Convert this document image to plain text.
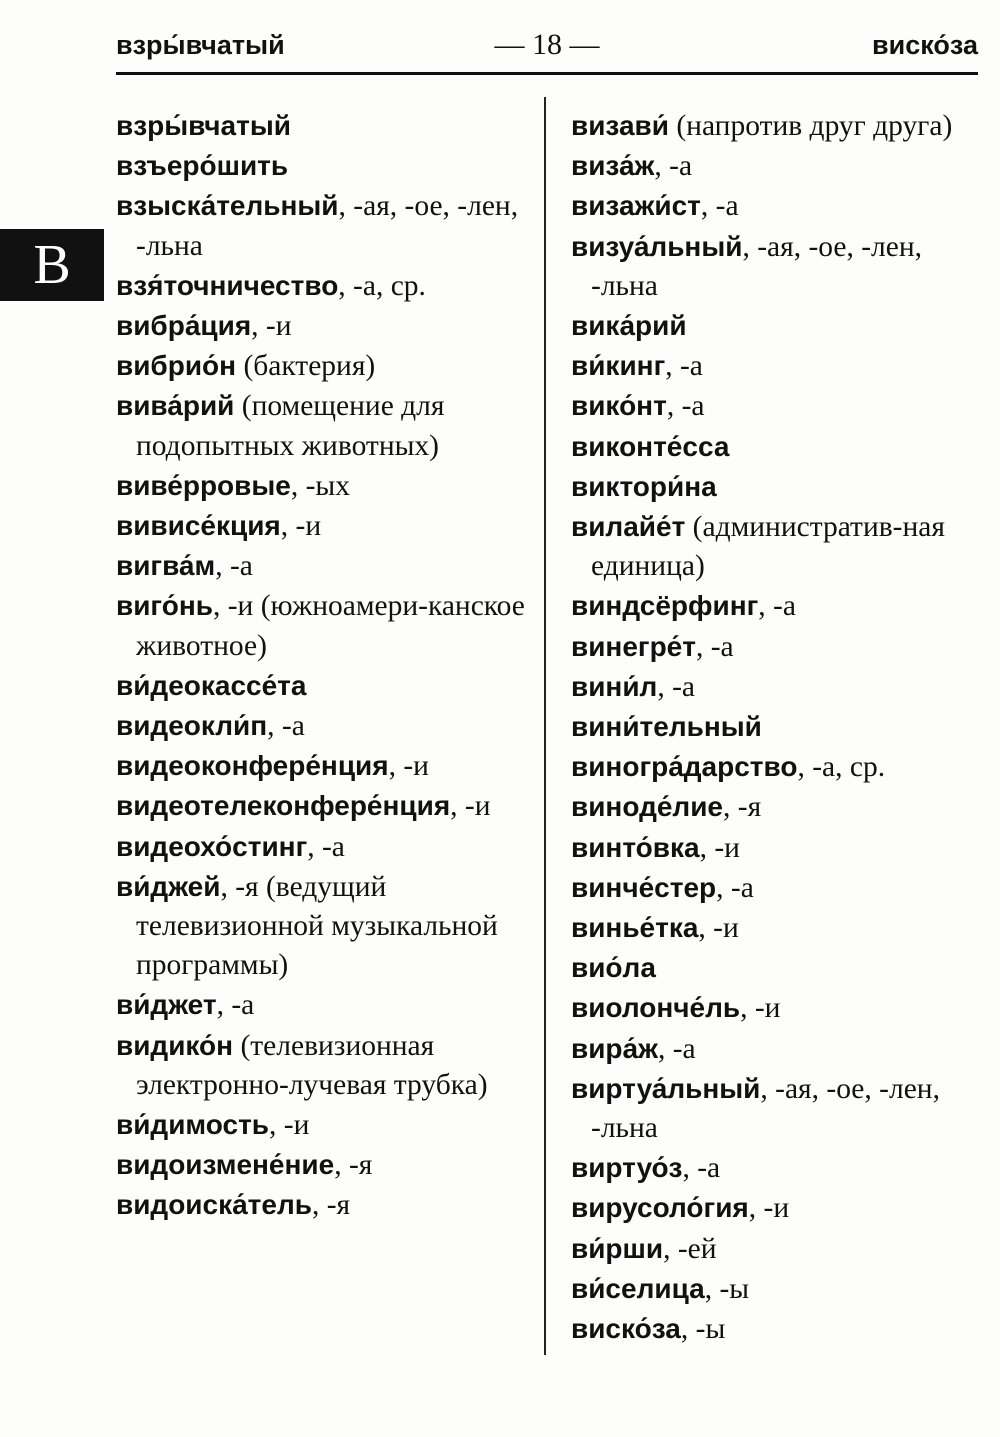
взры́вчатый	— 18 —	виско́за
В
взры́вчатый
взъеро́шить
взыска́тельный, -ая, -ое, -лен, -льна
взя́точничество, -а, ср.
вибра́ция, -и
вибрио́н (бактерия)
вива́рий (помещение для подопытных животных)
виве́рровые, -ых
вивисе́кция, -и
вигва́м, -а
виго́нь, -и (южноамери-канское животное)
ви́деокассе́та
видеокли́п, -а
видеоконфере́нция, -и
видеотелеконфере́нция, -и
видеохо́стинг, -а
ви́джей, -я (ведущий телевизионной музыкальной программы)
ви́джет, -а
видико́н (телевизионная электронно-лучевая трубка)
ви́димость, -и
видоизмене́ние, -я
видоиска́тель, -я
визави́ (напротив друг друга)
виза́ж, -а
визажи́ст, -а
визуа́льный, -ая, -ое, -лен, -льна
вика́рий
ви́кинг, -а
вико́нт, -а
виконте́сса
виктори́на
вилайе́т (административ-ная единица)
виндсёрфинг, -а
винегре́т, -а
вини́л, -а
вини́тельный
виногра́дарство, -а, ср.
виноде́лие, -я
винто́вка, -и
винче́стер, -а
винье́тка, -и
вио́ла
виолонче́ль, -и
вира́ж, -а
виртуа́льный, -ая, -ое, -лен, -льна
виртуо́з, -а
вирусоло́гия, -и
ви́рши, -ей
ви́селица, -ы
виско́за, -ы
